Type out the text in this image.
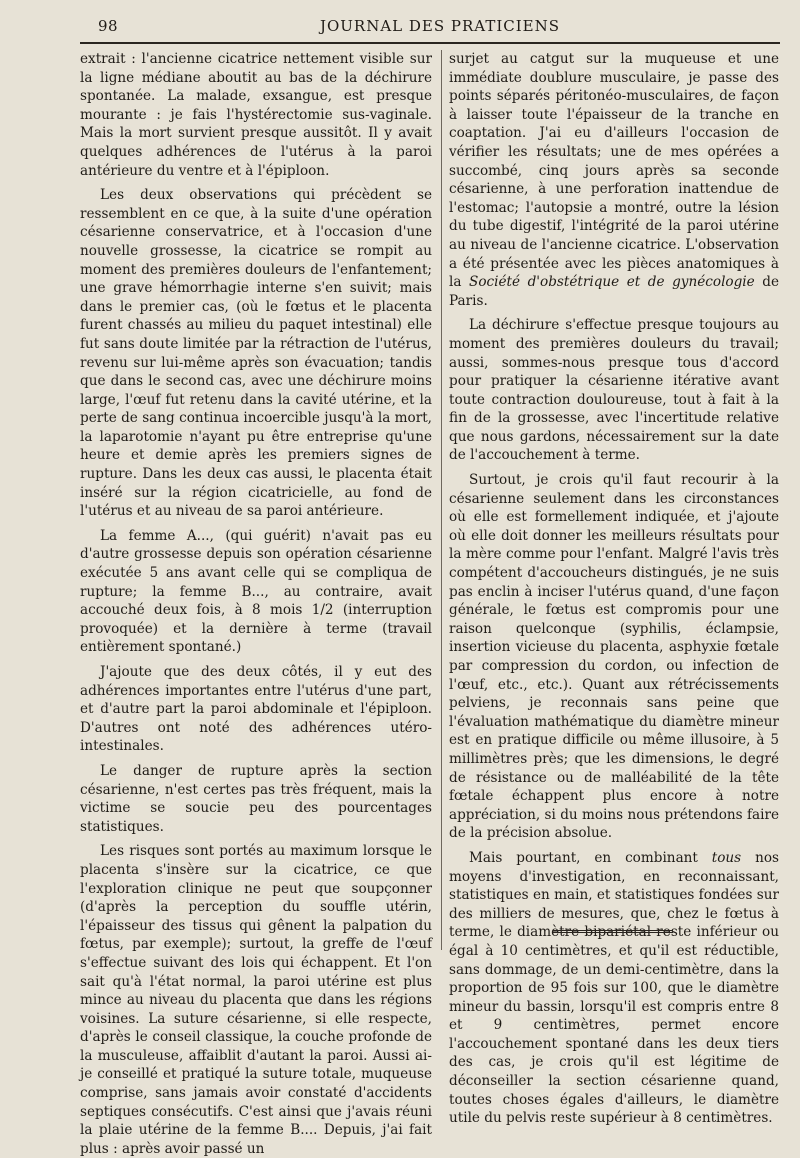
98	JOURNAL DES PRATICIENS

extrait : l'ancienne cicatrice nettement visible sur la ligne médiane aboutit au bas de la déchirure spontanée. La malade, exsangue, est presque mourante : je fais l'hystérectomie sus-vaginale. Mais la mort survient presque aussitôt. Il y avait quelques adhérences de l'utérus à la paroi antérieure du ventre et à l'épiploon.

Les deux observations qui précèdent se ressemblent en ce que, à la suite d'une opération césarienne conservatrice, et à l'occasion d'une nouvelle grossesse, la cicatrice se rompit au moment des premières douleurs de l'enfantement; une grave hémorrhagie interne s'en suivit; mais dans le premier cas, (où le fœtus et le placenta furent chassés au milieu du paquet intestinal) elle fut sans doute limitée par la rétraction de l'utérus, revenu sur lui-même après son évacuation; tandis que dans le second cas, avec une déchirure moins large, l'œuf fut retenu dans la cavité utérine, et la perte de sang continua incoercible jusqu'à la mort, la laparotomie n'ayant pu être entreprise qu'une heure et demie après les premiers signes de rupture. Dans les deux cas aussi, le placenta était inséré sur la région cicatricielle, au fond de l'utérus et au niveau de sa paroi antérieure.

La femme A..., (qui guérit) n'avait pas eu d'autre grossesse depuis son opération césarienne exécutée 5 ans avant celle qui se compliqua de rupture; la femme B..., au contraire, avait accouché deux fois, à 8 mois 1/2 (interruption provoquée) et la dernière à terme (travail entièrement spontané.)

J'ajoute que des deux côtés, il y eut des adhérences importantes entre l'utérus d'une part, et d'autre part la paroi abdominale et l'épiploon. D'autres ont noté des adhérences utéro-intestinales.

Le danger de rupture après la section césarienne, n'est certes pas très fréquent, mais la victime se soucie peu des pourcentages statistiques.

Les risques sont portés au maximum lorsque le placenta s'insère sur la cicatrice, ce que l'exploration clinique ne peut que soupçonner (d'après la perception du souffle utérin, l'épaisseur des tissus qui gênent la palpation du fœtus, par exemple); surtout, la greffe de l'œuf s'effectue suivant des lois qui échappent. Et l'on sait qu'à l'état normal, la paroi utérine est plus mince au niveau du placenta que dans les régions voisines. La suture césarienne, si elle respecte, d'après le conseil classique, la couche profonde de la musculeuse, affaiblit d'autant la paroi. Aussi ai-je conseillé et pratiqué la suture totale, muqueuse comprise, sans jamais avoir constaté d'accidents septiques consécutifs. C'est ainsi que j'avais réuni la plaie utérine de la femme B.... Depuis, j'ai fait plus : après avoir passé un

surjet au catgut sur la muqueuse et une immédiate doublure musculaire, je passe des points séparés péritonéo-musculaires, de façon à laisser toute l'épaisseur de la tranche en coaptation. J'ai eu d'ailleurs l'occasion de vérifier les résultats; une de mes opérées a succombé, cinq jours après sa seconde césarienne, à une perforation inattendue de l'estomac; l'autopsie a montré, outre la lésion du tube digestif, l'intégrité de la paroi utérine au niveau de l'ancienne cicatrice. L'observation a été présentée avec les pièces anatomiques à la Société d'obstétrique et de gynécologie de Paris.

La déchirure s'effectue presque toujours au moment des premières douleurs du travail; aussi, sommes-nous presque tous d'accord pour pratiquer la césarienne itérative avant toute contraction douloureuse, tout à fait à la fin de la grossesse, avec l'incertitude relative que nous gardons, nécessairement sur la date de l'accouchement à terme.

Surtout, je crois qu'il faut recourir à la césarienne seulement dans les circonstances où elle est formellement indiquée, et j'ajoute où elle doit donner les meilleurs résultats pour la mère comme pour l'enfant. Malgré l'avis très compétent d'accoucheurs distingués, je ne suis pas enclin à inciser l'utérus quand, d'une façon générale, le fœtus est compromis pour une raison quelconque (syphilis, éclampsie, insertion vicieuse du placenta, asphyxie fœtale par compression du cordon, ou infection de l'œuf, etc., etc.). Quant aux rétrécissements pelviens, je reconnais sans peine que l'évaluation mathématique du diamètre mineur est en pratique difficile ou même illusoire, à 5 millimètres près; que les dimensions, le degré de résistance ou de malléabilité de la tête fœtale échappent plus encore à notre appréciation, si du moins nous prétendons faire de la précision absolue.

Mais pourtant, en combinant tous nos moyens d'investigation, en reconnaissant, statistiques en main, et statistiques fondées sur des milliers de mesures, que, chez le fœtus à terme, le diamètre bipariétal reste inférieur ou égal à 10 centimètres, et qu'il est réductible, sans dommage, de un demi-centimètre, dans la proportion de 95 fois sur 100, que le diamètre mineur du bassin, lorsqu'il est compris entre 8 et 9 centimètres, permet encore l'accouchement spontané dans les deux tiers des cas, je crois qu'il est légitime de déconseiller la section césarienne quand, toutes choses égales d'ailleurs, le diamètre utile du pelvis reste supérieur à 8 centimètres.
